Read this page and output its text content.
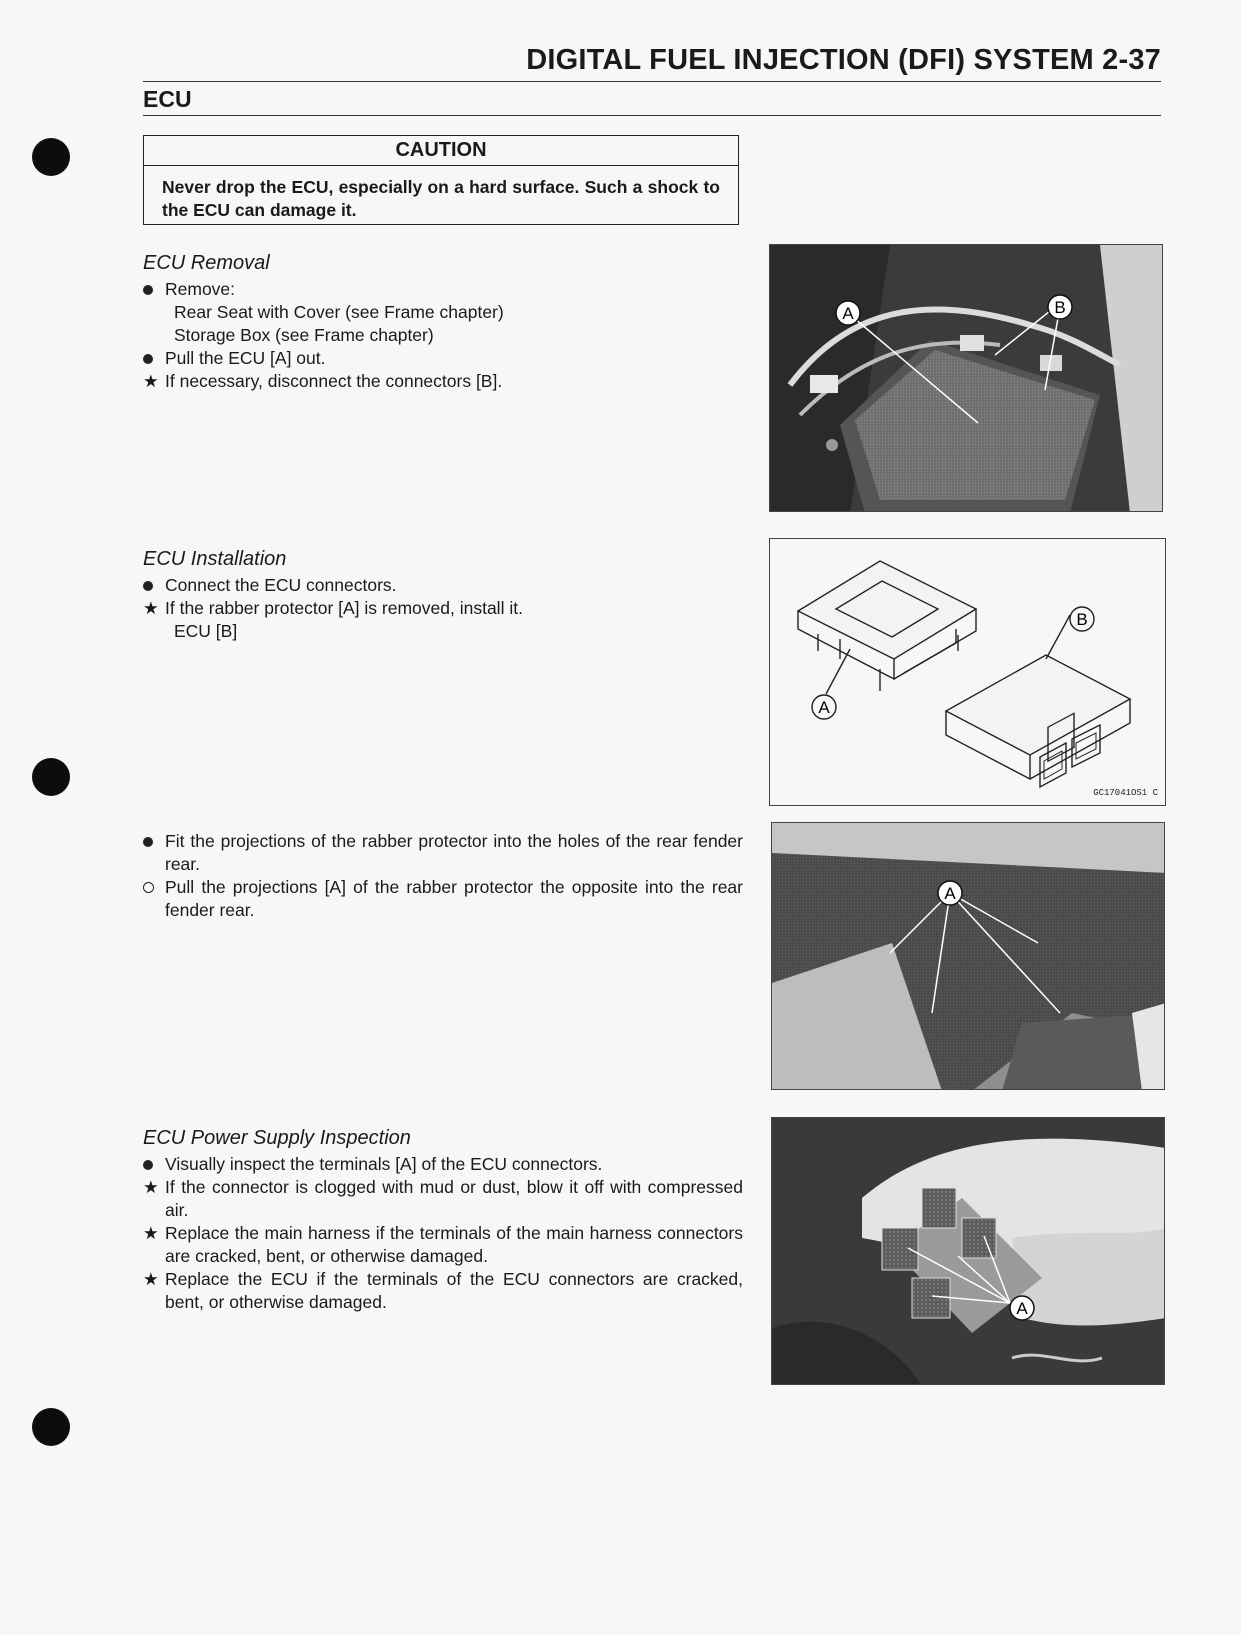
DIGITAL FUEL INJECTION (DFI) SYSTEM 2-37
ECU
CAUTION
Never drop the ECU, especially on a hard surface. Such a shock to the ECU can damage it.
ECU Removal
Remove:
Rear Seat with Cover (see Frame chapter)
Storage Box (see Frame chapter)
Pull the ECU [A] out.
★ If necessary, disconnect the connectors [B].
ECU Installation
Connect the ECU connectors.
★ If the rabber protector [A] is removed, install it.
ECU [B]
Fit the projections of the rabber protector into the holes of the rear fender rear.
Pull the projections [A] of the rabber protector the opposite into the rear fender rear.
ECU Power Supply Inspection
Visually inspect the terminals [A] of the ECU connectors.
★ If the connector is clogged with mud or dust, blow it off with compressed air.
★ Replace the main harness if the terminals of the main harness connectors are cracked, bent, or otherwise damaged.
★ Replace the ECU if the terminals of the ECU connectors are cracked, bent, or otherwise damaged.
A	B
A
B
GC17041OS1 C
A
A
